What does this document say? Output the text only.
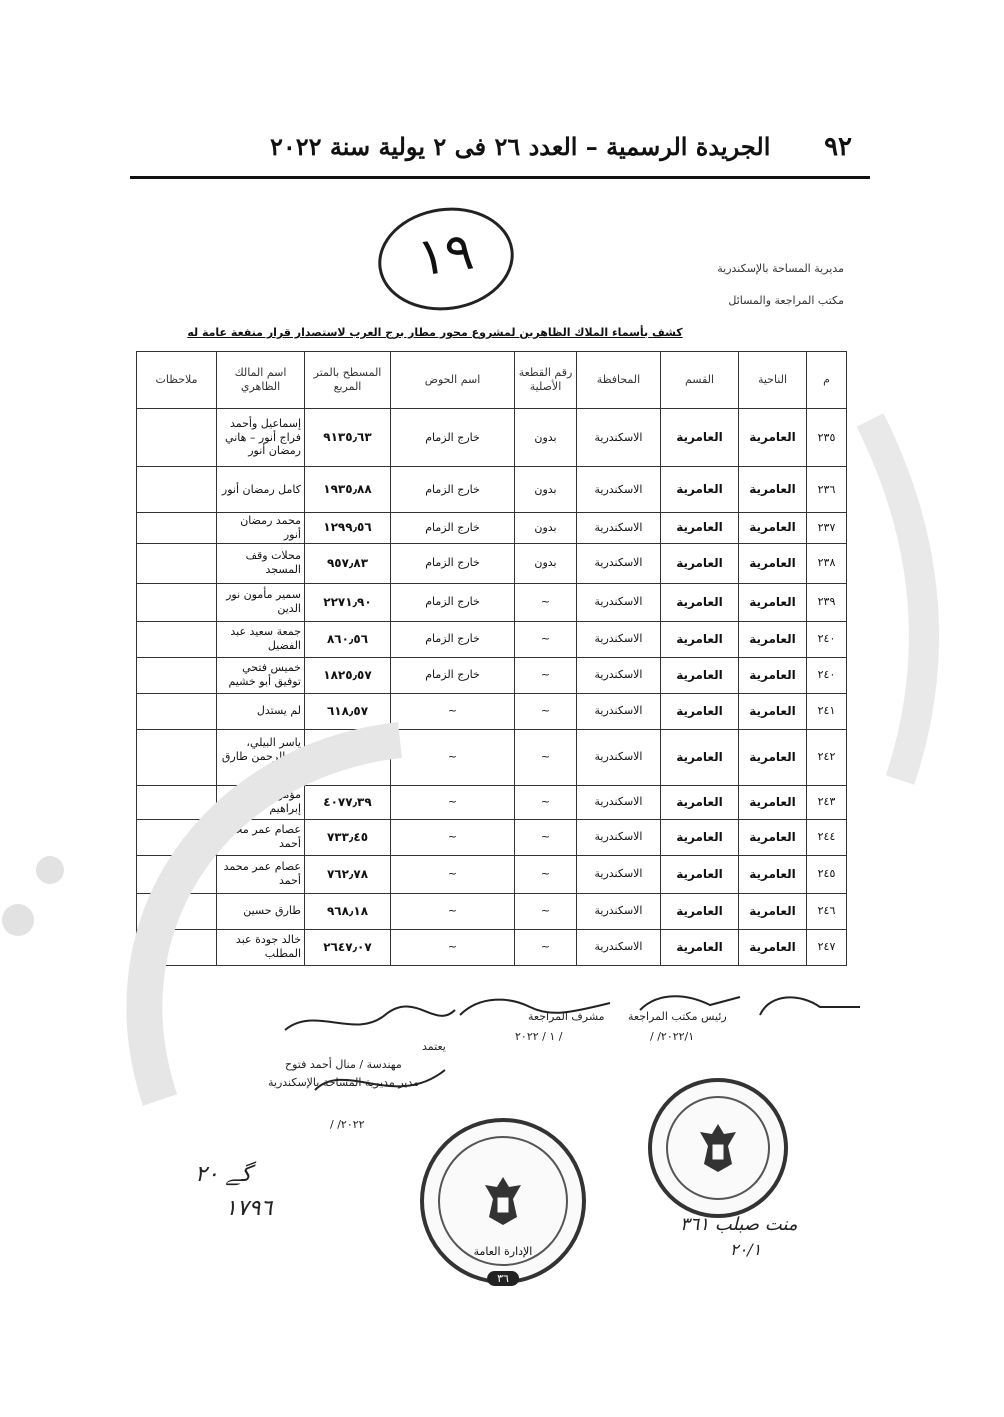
٩٢
الجريدة الرسمية – العدد ٢٦ فى ٢ يولية سنة ٢٠٢٢
١٩	مديرية المساحة بالإسكندرية
مكتب المراجعة والمسائل
كشف بأسماء الملاك الظاهرين لمشروع محور مطار برج العرب لاستصدار قرار منفعة عامة له
م	الناحية	القسم	المحافظة	رقم القطعة الأصلية	اسم الحوض	المسطح بالمتر المربع	اسم المالك الظاهري	ملاحظات
٢٣٥	العامرية	العامرية	الاسكندرية	بدون	خارج الزمام	٩١٣٥٫٦٣	إسماعيل وأحمد فراج أنور – هاني رمضان أنور	
٢٣٦	العامرية	العامرية	الاسكندرية	بدون	خارج الزمام	١٩٣٥٫٨٨	كامل رمضان أنور	
٢٣٧	العامرية	العامرية	الاسكندرية	بدون	خارج الزمام	١٢٩٩٫٥٦	محمد رمضان أنور	
٢٣٨	العامرية	العامرية	الاسكندرية	بدون	خارج الزمام	٩٥٧٫٨٣	محلات وقف المسجد	
٢٣٩	العامرية	العامرية	الاسكندرية	~	خارج الزمام	٢٢٧١٫٩٠	سمير مأمون نور الدين	
٢٤٠	العامرية	العامرية	الاسكندرية	~	خارج الزمام	٨٦٠٫٥٦	جمعة سعيد عبد الفضيل	
٢٤٠	العامرية	العامرية	الاسكندرية	~	خارج الزمام	١٨٢٥٫٥٧	خميس فتحي توفيق أبو خشيم	
٢٤١	العامرية	العامرية	الاسكندرية	~	~	٦١٨٫٥٧	لم يستدل	
٢٤٢	العامرية	العامرية	الاسكندرية	~	~	٤٧٤٫٤٤	ياسر البيلي، عبدالرحمن طارق حسين	
٢٤٣	العامرية	العامرية	الاسكندرية	~	~	٤٠٧٧٫٣٩	مؤمن حسنين إبراهيم	
٢٤٤	العامرية	العامرية	الاسكندرية	~	~	٧٣٣٫٤٥	عصام عمر محمد أحمد	
٢٤٥	العامرية	العامرية	الاسكندرية	~	~	٧٦٢٫٧٨	عصام عمر محمد أحمد	
٢٤٦	العامرية	العامرية	الاسكندرية	~	~	٩٦٨٫١٨	طارق حسين	
٢٤٧	العامرية	العامرية	الاسكندرية	~	~	٢٦٤٧٫٠٧	خالد جودة عبد المطلب	
رئيس مكتب المراجعة
٢٠٢٢/١/ /
مشرف المراجعة
/ ١ / ٢٠٢٢
يعتمد
مهندسة / منال أحمد فتوح
مدير مديرية المساحة بالإسكندرية
٢٠٢٢/ /
الإدارة العامة
٣٦
ﮔﮯ ٢٠
١٧٩٦
منت صبلب ٣٦١
٢٠/١
